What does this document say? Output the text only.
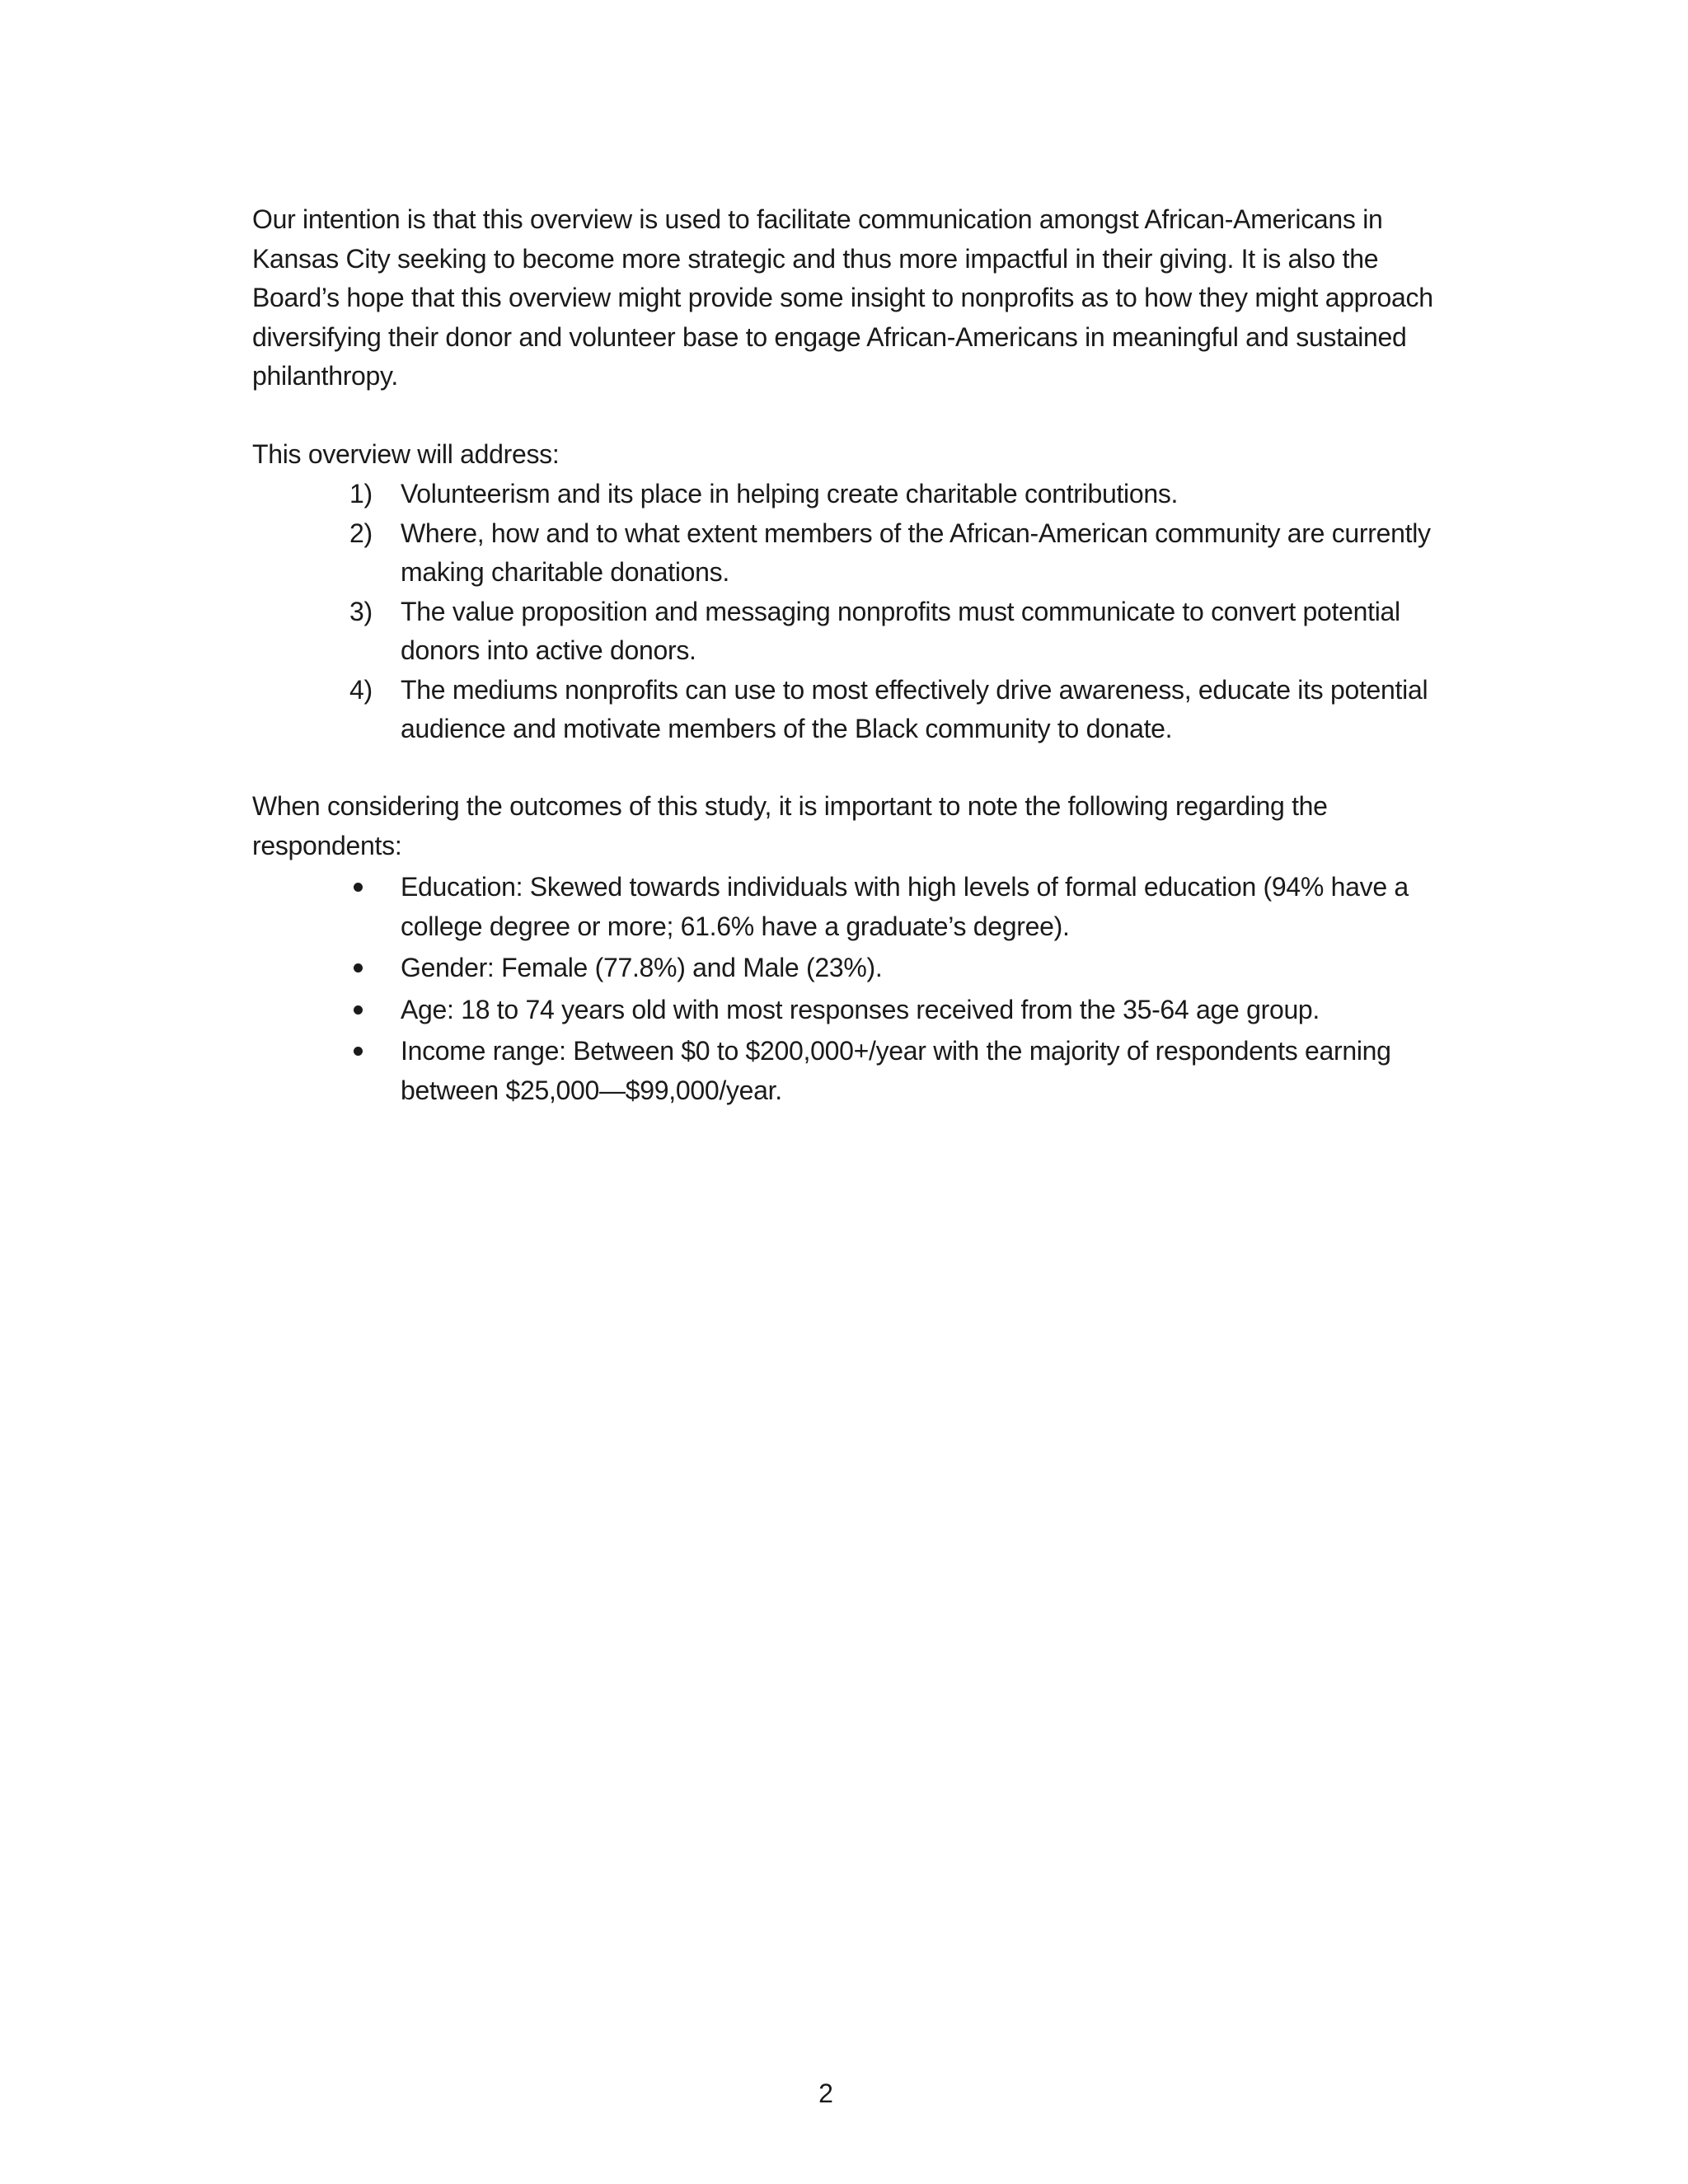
Our intention is that this overview is used to facilitate communication amongst African-Americans in Kansas City seeking to become more strategic and thus more impactful in their giving. It is also the Board’s hope that this overview might provide some insight to nonprofits as to how they might approach diversifying their donor and volunteer base to engage African-Americans in meaningful and sustained philanthropy.

This overview will address:

1) Volunteerism and its place in helping create charitable contributions.
2) Where, how and to what extent members of the African-American community are currently making charitable donations.
3) The value proposition and messaging nonprofits must communicate to convert potential donors into active donors.
4) The mediums nonprofits can use to most effectively drive awareness, educate its potential audience and motivate members of the Black community to donate.

When considering the outcomes of this study, it is important to note the following regarding the respondents:

Education: Skewed towards individuals with high levels of formal education (94% have a college degree or more; 61.6% have a graduate’s degree).
Gender: Female (77.8%) and Male (23%).
Age: 18 to 74 years old with most responses received from the 35-64 age group.
Income range: Between $0 to $200,000+/year with the majority of respondents earning between $25,000—$99,000/year.
2
